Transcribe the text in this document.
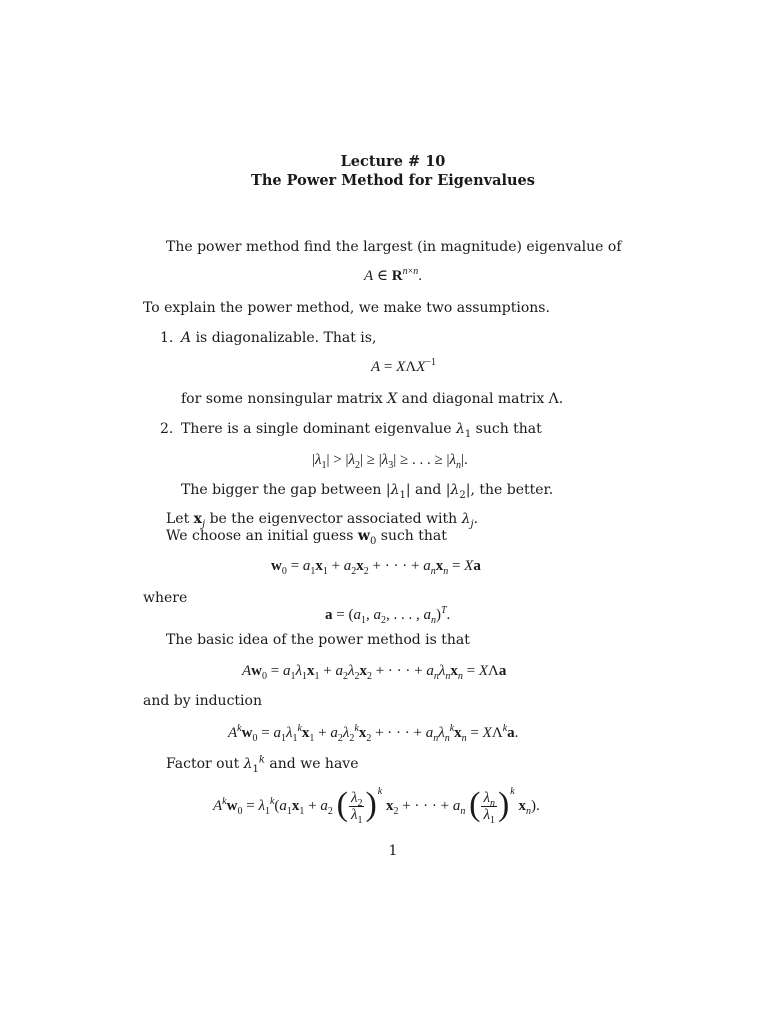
Lecture # 10
The Power Method for Eigenvalues
The power method find the largest (in magnitude) eigenvalue of
A ∈ $R^{n\times n}$.
To explain the power method, we make two assumptions.
1. A is diagonalizable. That is,
$A = X\Lambda X^{-1}$
for some nonsingular matrix X and diagonal matrix Λ.
2. There is a single dominant eigenvalue $\lambda_1$ such that
$|\lambda_1| > |\lambda_2| \ge |\lambda_3|$ ≥ . . . ≥ $|\lambda_n|$.
The bigger the gap between $|\lambda_1|$ and $|\lambda_2|$, the better.
Let $x_j$ be the eigenvector associated with $\lambda_j$.
We choose an initial guess $w_0$ such that
$w_0 = a_1x_1 + a_2x_2$ + · · · + $a_nx_n = Xa$
where
$a = (a_1$, $a_2$, . . . , $a_n)^T$.
The basic idea of the power method is that
$Aw_0 = a_1\lambda_1x_1 + a_2\lambda_2x_2$ + · · · + $a_n\lambda_nx_n = X\Lambda a$
and by induction
$A^kw_0 = a_1\lambda_1^kx_1 + a_2\lambda_2^kx_2$ + · · · + $a_n\lambda_n^kx_n = X\Lambda^ka$.
Factor out $\lambda_1^k$ and we have
$A^kw_0 = \lambda_1^k(a_1x_1 + a_2$ ( $\frac{\lambda_2}{\lambda_1} )^k$ $x_2$ + · · · + $a_n$ ( $\frac{\lambda_n}{\lambda_1} )^k$ $x_n$).
1
